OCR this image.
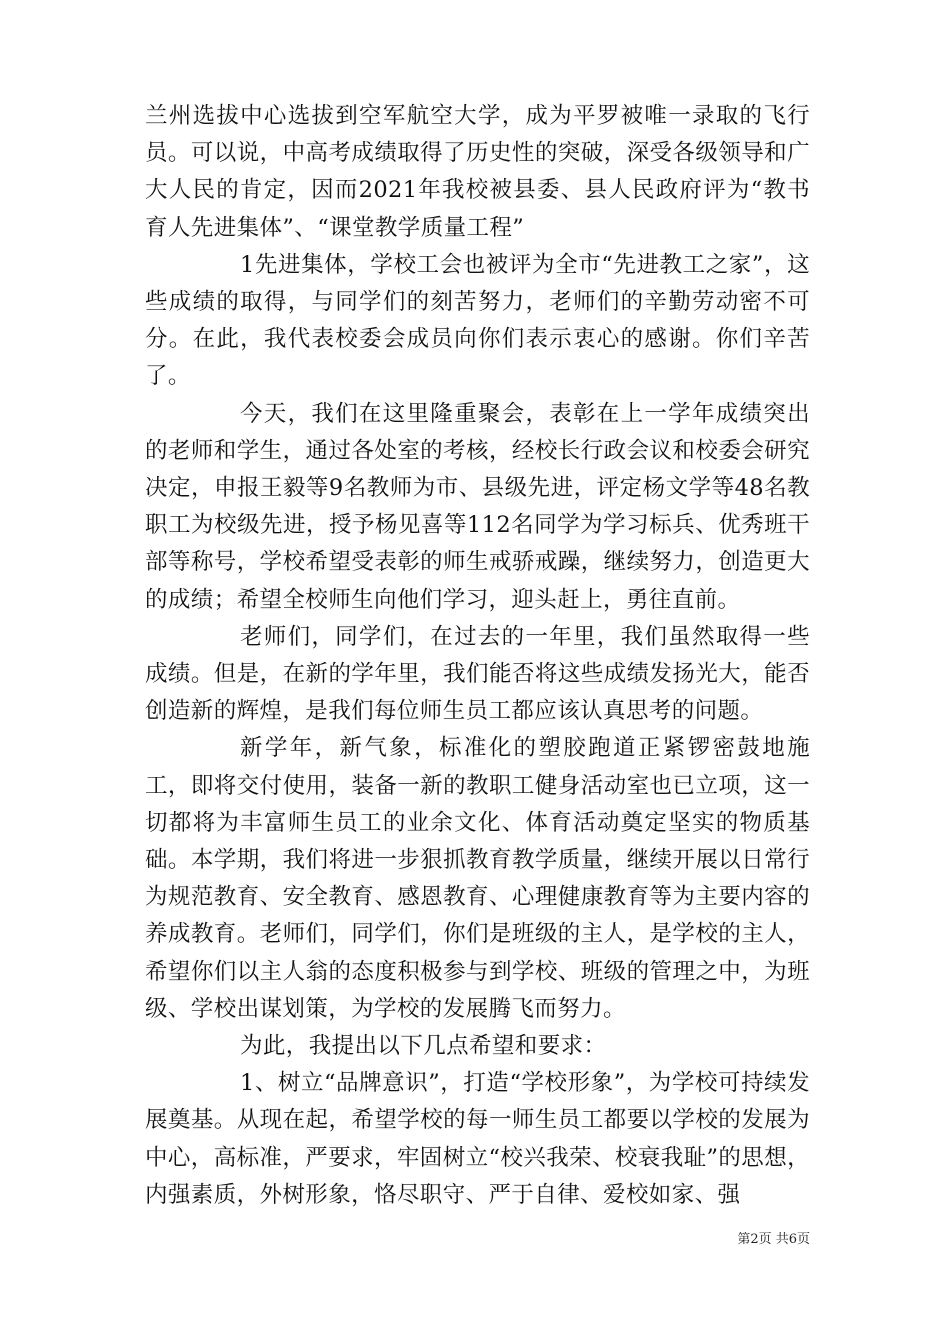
兰州选拔中心选拔到空军航空大学，成为平罗被唯一录取的飞行员。可以说，中高考成绩取得了历史性的突破，深受各级领导和广大人民的肯定，因而2021年我校被县委、县人民政府评为“教书育人先进集体”、“课堂教学质量工程”

1先进集体，学校工会也被评为全市“先进教工之家”，这些成绩的取得，与同学们的刻苦努力，老师们的辛勤劳动密不可分。在此，我代表校委会成员向你们表示衷心的感谢。你们辛苦了。

今天，我们在这里隆重聚会，表彰在上一学年成绩突出的老师和学生，通过各处室的考核，经校长行政会议和校委会研究决定，申报王毅等9名教师为市、县级先进，评定杨文学等48名教职工为校级先进，授予杨见喜等112名同学为学习标兵、优秀班干部等称号，学校希望受表彰的师生戒骄戒躁，继续努力，创造更大的成绩；希望全校师生向他们学习，迎头赶上，勇往直前。

老师们，同学们，在过去的一年里，我们虽然取得一些成绩。但是，在新的学年里，我们能否将这些成绩发扬光大，能否创造新的辉煌，是我们每位师生员工都应该认真思考的问题。

新学年，新气象，标准化的塑胶跑道正紧锣密鼓地施工，即将交付使用，装备一新的教职工健身活动室也已立项，这一切都将为丰富师生员工的业余文化、体育活动奠定坚实的物质基础。本学期，我们将进一步狠抓教育教学质量，继续开展以日常行为规范教育、安全教育、感恩教育、心理健康教育等为主要内容的养成教育。老师们，同学们，你们是班级的主人，是学校的主人，希望你们以主人翁的态度积极参与到学校、班级的管理之中，为班级、学校出谋划策，为学校的发展腾飞而努力。

为此，我提出以下几点希望和要求：

1、树立“品牌意识”，打造“学校形象”，为学校可持续发展奠基。从现在起，希望学校的每一师生员工都要以学校的发展为中心，高标准，严要求，牢固树立“校兴我荣、校衰我耻”的思想，内强素质，外树形象，恪尽职守、严于自律、爱校如家、强

第2页 共6页
